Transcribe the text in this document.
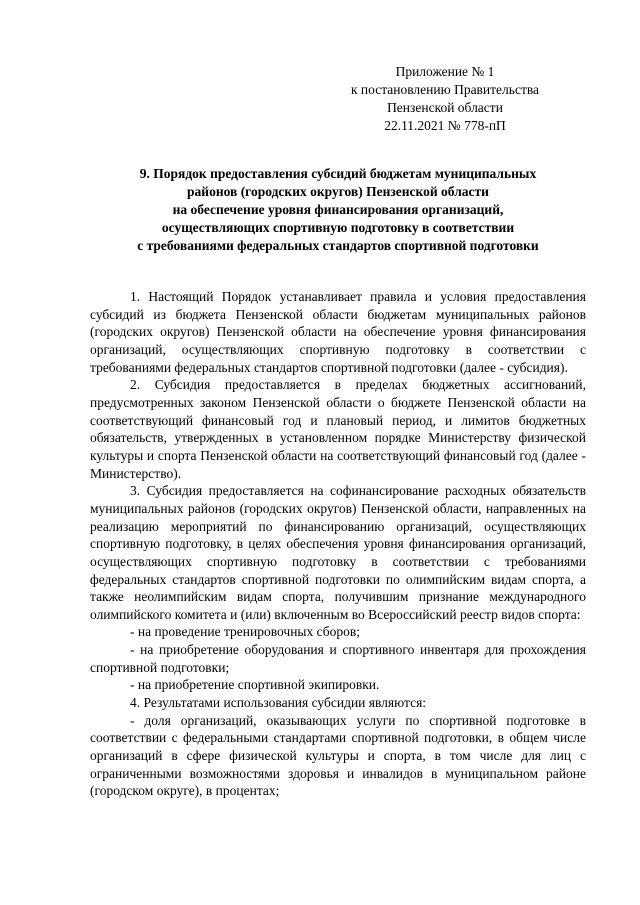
Приложение № 1
к постановлению Правительства
Пензенской области
22.11.2021 № 778-пП
9. Порядок предоставления субсидий бюджетам муниципальных
районов (городских округов) Пензенской области
на обеспечение уровня финансирования организаций,
осуществляющих спортивную подготовку в соответствии
с требованиями федеральных стандартов спортивной подготовки

1. Настоящий Порядок устанавливает правила и условия предоставления субсидий из бюджета Пензенской области бюджетам муниципальных районов (городских округов) Пензенской области на обеспечение уровня финансирования организаций, осуществляющих спортивную подготовку в соответствии с требованиями федеральных стандартов спортивной подготовки (далее - субсидия).

2. Субсидия предоставляется в пределах бюджетных ассигнований, предусмотренных законом Пензенской области о бюджете Пензенской области на соответствующий финансовый год и плановый период, и лимитов бюджетных обязательств, утвержденных в установленном порядке Министерству физической культуры и спорта Пензенской области на соответствующий финансовый год (далее - Министерство).

3. Субсидия предоставляется на софинансирование расходных обязательств муниципальных районов (городских округов) Пензенской области, направленных на реализацию мероприятий по финансированию организаций, осуществляющих спортивную подготовку, в целях обеспечения уровня финансирования организаций, осуществляющих спортивную подготовку в соответствии с требованиями федеральных стандартов спортивной подготовки по олимпийским видам спорта, а также неолимпийским видам спорта, получившим признание международного олимпийского комитета и (или) включенным во Всероссийский реестр видов спорта:

- на проведение тренировочных сборов;

- на приобретение оборудования и спортивного инвентаря для прохождения спортивной подготовки;

- на приобретение спортивной экипировки.

4. Результатами использования субсидии являются:

- доля организаций, оказывающих услуги по спортивной подготовке в соответствии с федеральными стандартами спортивной подготовки, в общем числе организаций в сфере физической культуры и спорта, в том числе для лиц с ограниченными возможностями здоровья и инвалидов в муниципальном районе (городском округе), в процентах;
